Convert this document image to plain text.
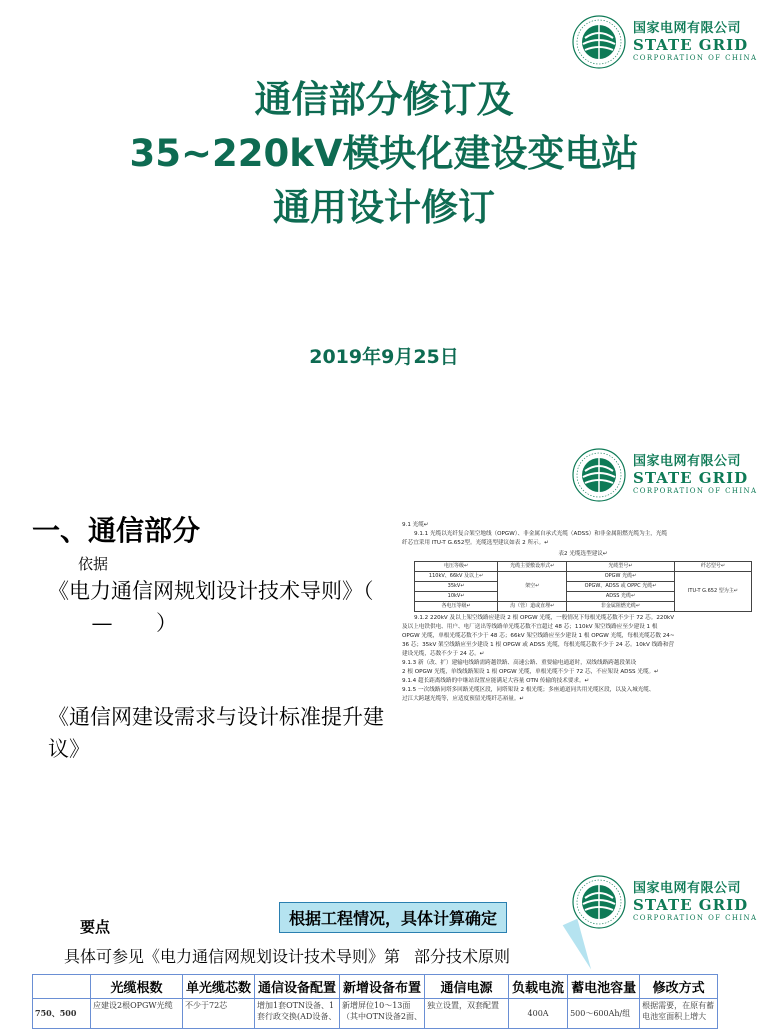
国家电网有限公司
STATE GRID
CORPORATION OF CHINA
通信部分修订及
35~220kV模块化建设变电站
通用设计修订
2019年9月25日
国家电网有限公司
STATE GRID
CORPORATION OF CHINA
一、通信部分
依据
《电力通信网规划设计技术导则》（— ）
《通信网建设需求与设计标准提升建议》

9.1 光缆↵

9.1.1 光缆以光纤复合架空地线（OPGW）、非金属自承式光缆（ADSS）和非金属阻燃光缆为主，光缆

纤芯宜采用 ITU-T G.652型。光缆选型建议如表 2 所示。↵

表2 光缆选型建议↵

电压等级↵	光缆主要敷设形式↵	光缆型号↵	纤芯型号↵
110kV、66kV 及以上↵	架空↵	OPGW 光缆↵	ITU-T G.652 型为主↵
35kV↵		OPGW、ADSS 或 OPPC 光缆↵	
10kV↵		ADSS 光缆↵	
各电压等级↵	沟（管）道或直埋↵	非金属阻燃光缆↵	

9.1.2 220kV 及以上架空线路应建设 2 根 OPGW 光缆，一般情况下每根光缆芯数不少于 72 芯。220kV

及以上电铁供电、用户、电厂送出等线路单光缆芯数不宜超过 48 芯；110kV 架空线路应至少建设 1 根

OPGW 光缆，单根光缆芯数不少于 48 芯；66kV 架空线路应至少建设 1 根 OPGW 光缆，每根光缆芯数 24~

36 芯；35kV 架空线路应至少建设 1 根 OPGW 或 ADSS 光缆，每根光缆芯数不少于 24 芯。10kV 线路和营

建设光缆，芯数不少于 24 芯。↵

9.1.3 新（改、扩）建输电线路需跨越铁路、高速公路、重要输电通道时，双线线路跨越段架设

2 根 OPGW 光缆，单线线路架设 1 根 OPGW 光缆，单根光缆不少于 72 芯，不应架设 ADSS 光缆。↵

9.1.4 超长距离线路的中继站设置应能满足大容量 OTN 传输的技术要求。↵

9.1.5 一次线路同塔多回路光缆区段，同塔架设 2 根光缆；多座通道同共用光缆区段，以及入城光缆、

过江大跨越光缆等，应适度预留光缆纤芯裕量。↵

国家电网有限公司
STATE GRID
CORPORATION OF CHINA
根据工程情况，具体计算确定
要点
具体可参见《电力通信网规划设计技术导则》第 部分技术原则
	光缆根数	单光缆芯数	通信设备配置	新增设备布置	通信电源	负载电流	蓄电池容量	修改方式
750、500	应建设2根OPGW光缆	不少于72芯	增加1套OTN设备、1套行政交换(AD设备、	新增屏位10～13面（其中OTN设备2面、	独立设置，双套配置	400A	500～600Ah/组	根据需要，在原有蓄电池室面积上增大
